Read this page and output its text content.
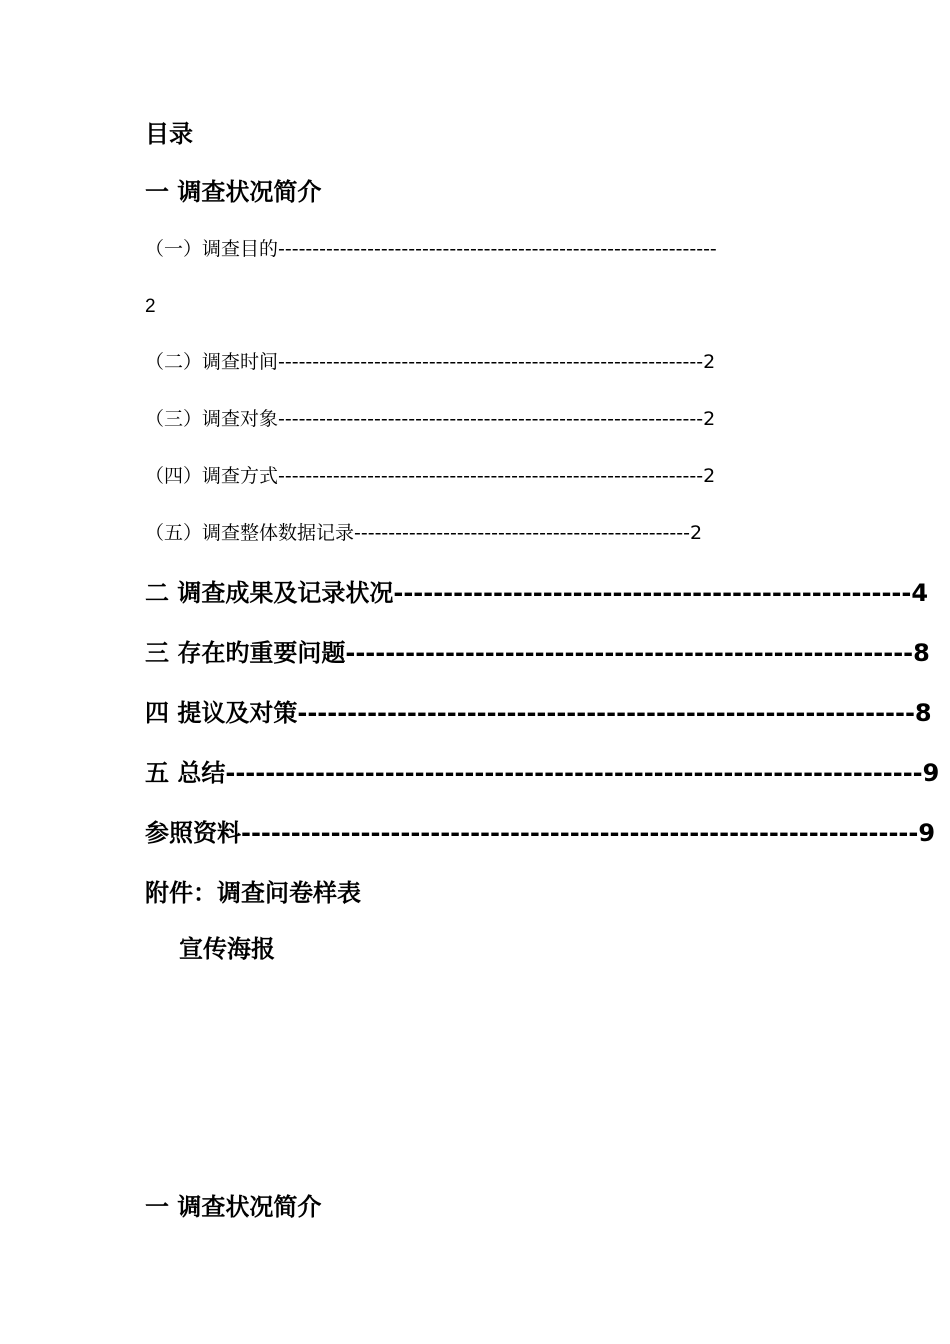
目录
一 调查状况简介
（一）调查目的----------------------------------------------------------------
2
（二）调查时间--------------------------------------------------------------2
（三）调查对象--------------------------------------------------------------2
（四）调查方式--------------------------------------------------------------2
（五）调查整体数据记录-------------------------------------------------2
二 调查成果及记录状况----------------------------------------------------4
三 存在旳重要问题---------------------------------------------------------8
四 提议及对策--------------------------------------------------------------8
五 总结----------------------------------------------------------------------9
参照资料--------------------------------------------------------------------9
附件：调查问卷样表
宣传海报
一 调查状况简介
